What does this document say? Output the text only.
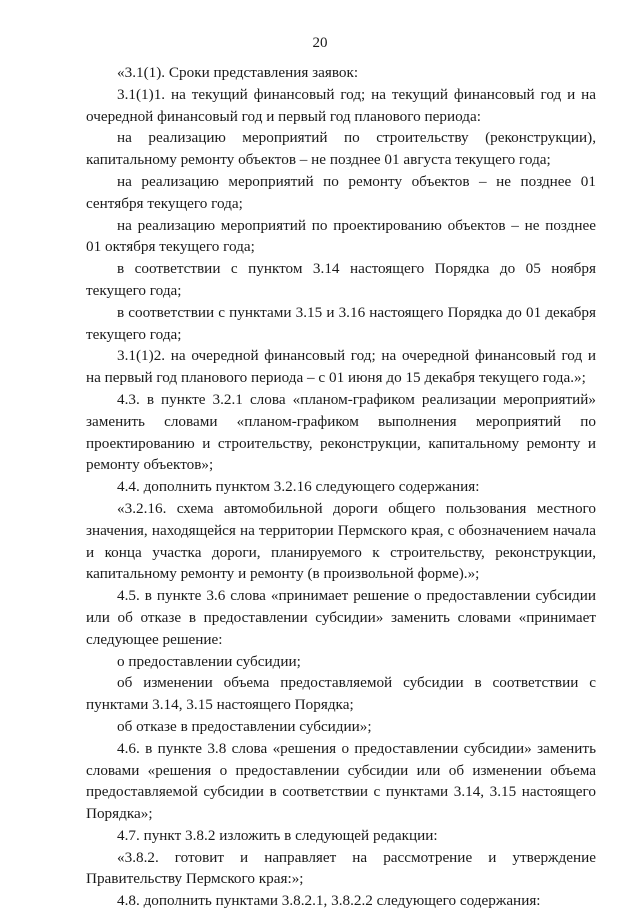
20

«3.1(1). Сроки представления заявок:

3.1(1)1. на текущий финансовый год; на текущий финансовый год и на очередной финансовый год и первый год планового периода:

на реализацию мероприятий по строительству (реконструкции), капитальному ремонту объектов – не позднее 01 августа текущего года;

на реализацию мероприятий по ремонту объектов – не позднее 01 сентября текущего года;

на реализацию мероприятий по проектированию объектов – не позднее 01 октября текущего года;

в соответствии с пунктом 3.14 настоящего Порядка до 05 ноября текущего года;

в соответствии с пунктами 3.15 и 3.16 настоящего Порядка до 01 декабря текущего года;

3.1(1)2. на очередной финансовый год; на очередной финансовый год и на первый год планового периода – с 01 июня до 15 декабря текущего года.»;

4.3. в пункте 3.2.1 слова «планом-графиком реализации мероприятий» заменить словами «планом-графиком выполнения мероприятий по проектированию и строительству, реконструкции, капитальному ремонту и ремонту объектов»;

4.4. дополнить пунктом 3.2.16 следующего содержания:

«3.2.16. схема автомобильной дороги общего пользования местного значения, находящейся на территории Пермского края, с обозначением начала и конца участка дороги, планируемого к строительству, реконструкции, капитальному ремонту и ремонту (в произвольной форме).»;

4.5. в пункте 3.6 слова «принимает решение о предоставлении субсидии или об отказе в предоставлении субсидии» заменить словами «принимает следующее решение:

о предоставлении субсидии;

об изменении объема предоставляемой субсидии в соответствии с пунктами 3.14, 3.15 настоящего Порядка;

об отказе в предоставлении субсидии»;

4.6. в пункте 3.8 слова «решения о предоставлении субсидии» заменить словами «решения о предоставлении субсидии или об изменении объема предоставляемой субсидии в соответствии с пунктами 3.14, 3.15 настоящего Порядка»;

4.7. пункт 3.8.2 изложить в следующей редакции:

«3.8.2. готовит и направляет на рассмотрение и утверждение Правительству Пермского края:»;

4.8. дополнить пунктами 3.8.2.1, 3.8.2.2 следующего содержания:
